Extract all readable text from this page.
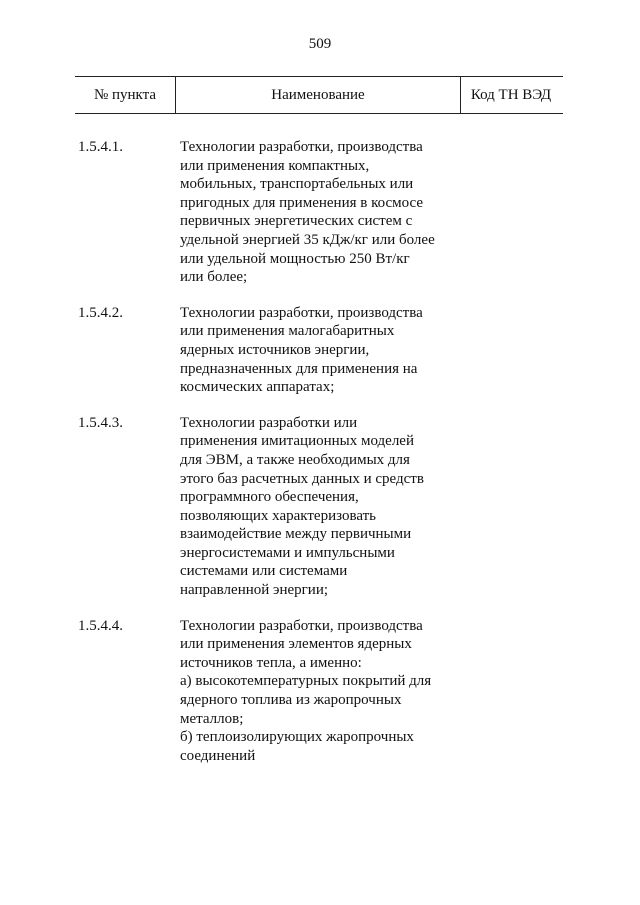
509
№ пункта	Наименование	Код ТН ВЭД
1.5.4.1.	Технологии разработки, производства
или применения компактных,
мобильных, транспортабельных или
пригодных для применения в космосе
первичных энергетических систем с
удельной энергией 35 кДж/кг или более
или удельной мощностью 250 Вт/кг
или более;
1.5.4.2.	Технологии разработки, производства
или применения малогабаритных
ядерных источников энергии,
предназначенных для применения на
космических аппаратах;
1.5.4.3.	Технологии разработки или
применения имитационных моделей
для ЭВМ, а также необходимых для
этого баз расчетных данных и средств
программного обеспечения,
позволяющих характеризовать
взаимодействие между первичными
энергосистемами и импульсными
системами или системами
направленной энергии;
1.5.4.4.	Технологии разработки, производства
или применения элементов ядерных
источников тепла, а именно:
а) высокотемпературных покрытий для
ядерного топлива из жаропрочных
металлов;
б) теплоизолирующих жаропрочных
соединений
